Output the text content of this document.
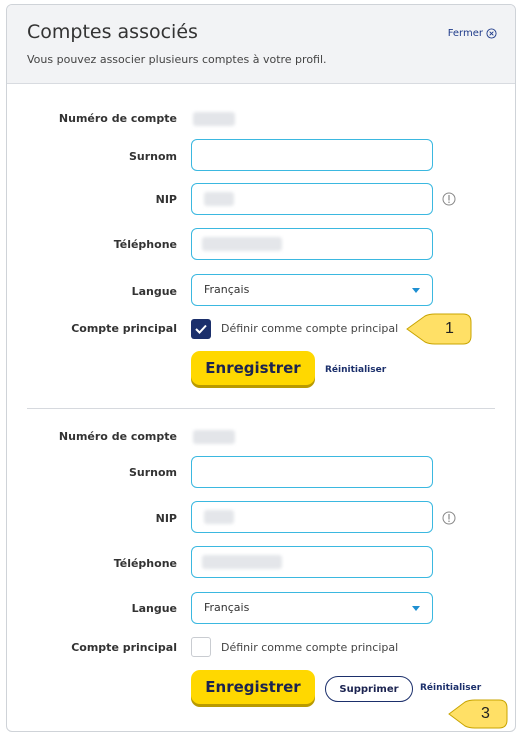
Comptes associés
Vous pouvez associer plusieurs comptes à votre profil.
Fermer
Numéro de compte
Surnom
NIP
Téléphone
Langue Français
Compte principal	Définir comme compte principal	1
Enregistrer	Réinitialiser
Numéro de compte
Surnom
NIP
Téléphone
Langue Français
Compte principal	Définir comme compte principal
Enregistrer	Supprimer	Réinitialiser
3
